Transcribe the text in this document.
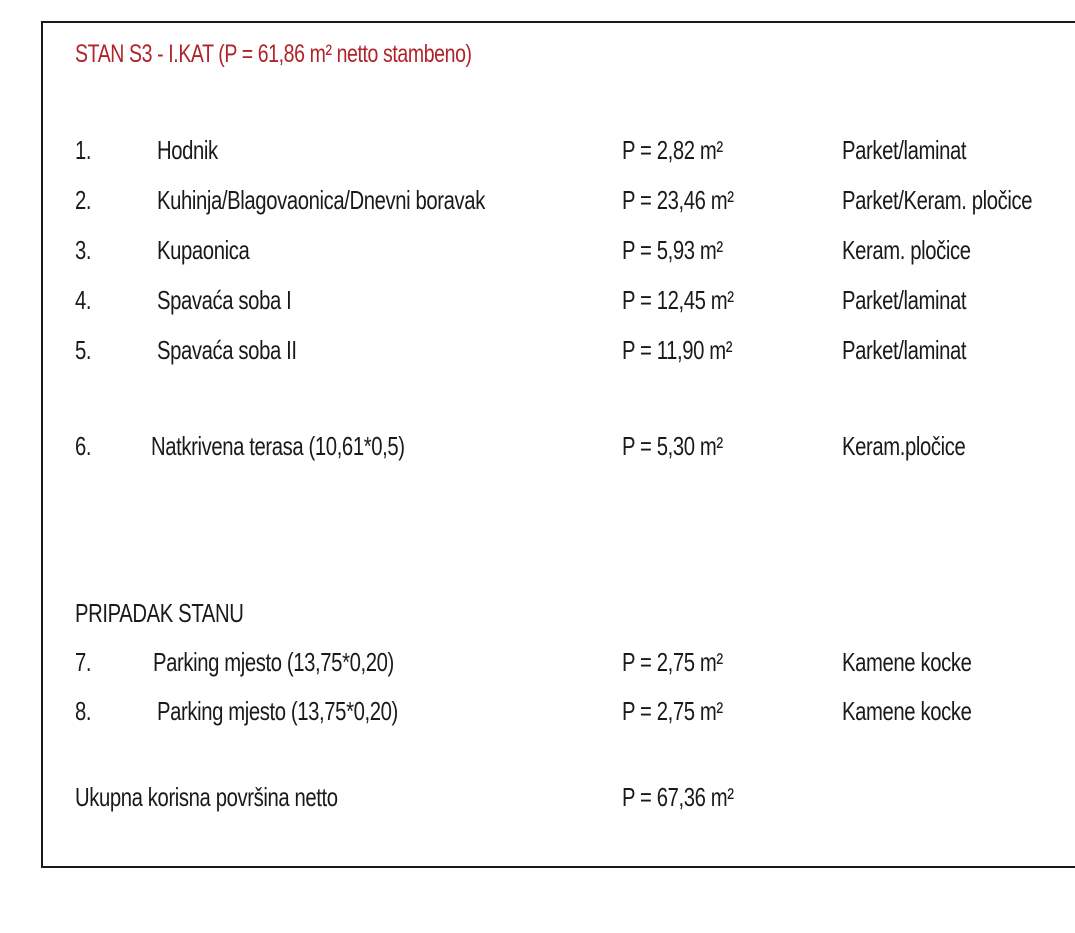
STAN S3 - I.KAT (P = 61,86 m² netto stambeno)
1.	Hodnik	P = 2,82 m²	Parket/laminat
2.	Kuhinja/Blagovaonica/Dnevni boravak	P = 23,46 m²	Parket/Keram. pločice
3.	Kupaonica	P = 5,93 m²	Keram. pločice
4.	Spavaća soba I	P = 12,45 m²	Parket/laminat
5.	Spavaća soba II	P = 11,90 m²	Parket/laminat
6. Natkrivena terasa (10,61*0,5)	P = 5,30 m²	Keram.pločice
PRIPADAK STANU
7. Parking mjesto (13,75*0,20)	P = 2,75 m²	Kamene kocke
8.	Parking mjesto (13,75*0,20)	P = 2,75 m²	Kamene kocke
Ukupna korisna površina netto	P = 67,36 m²
